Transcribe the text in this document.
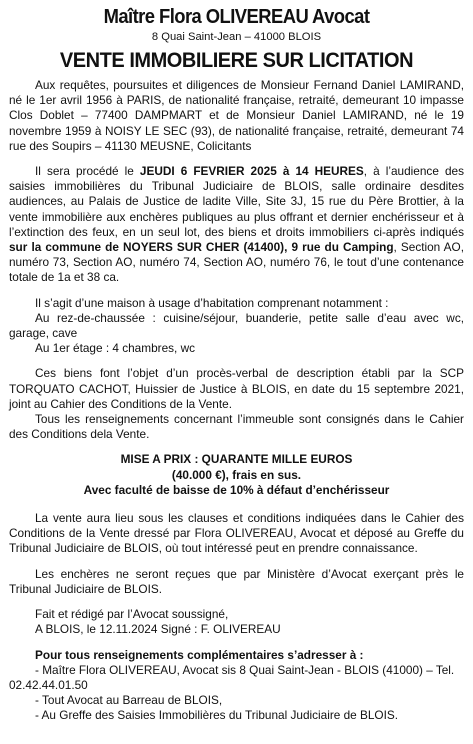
Maître Flora OLIVEREAU Avocat
8 Quai Saint-Jean – 41000 BLOIS
VENTE IMMOBILIERE SUR LICITATION

Aux requêtes, poursuites et diligences de Monsieur Fernand Daniel LAMIRAND, né le 1er avril 1956 à PARIS, de nationalité française, retraité, demeurant 10 impasse Clos Doblet – 77400 DAMPMART et de Monsieur Daniel LAMIRAND, né le 19 novembre 1959 à NOISY LE SEC (93), de nationalité française, retraité, demeurant 74 rue des Soupirs – 41130 MEUSNE, Colicitants

Il sera procédé le JEUDI 6 FEVRIER 2025 à 14 HEURES, à l’audience des saisies immobilières du Tribunal Judiciaire de BLOIS, salle ordinaire desdites audiences, au Palais de Justice de ladite Ville, Site 3J, 15 rue du Père Brottier, à la vente immobilière aux enchères publiques au plus offrant et dernier enchérisseur et à l’extinction des feux, en un seul lot, des biens et droits immobiliers ci-après indiqués sur la commune de NOYERS SUR CHER (41400), 9 rue du Camping, Section AO, numéro 73, Section AO, numéro 74, Section AO, numéro 76, le tout d’une contenance totale de 1a et 38 ca.

Il s’agit d’une maison à usage d’habitation comprenant notamment :

Au rez-de-chaussée : cuisine/séjour, buanderie, petite salle d’eau avec wc, garage, cave

Au 1er étage : 4 chambres, wc

Ces biens font l’objet d’un procès-verbal de description établi par la SCP TORQUATO CACHOT, Huissier de Justice à BLOIS, en date du 15 septembre 2021, joint au Cahier des Conditions de la Vente.

Tous les renseignements concernant l’immeuble sont consignés dans le Cahier des Conditions dela Vente.

MISE A PRIX : QUARANTE MILLE EUROS
(40.000 €), frais en sus.
Avec faculté de baisse de 10% à défaut d’enchérisseur

La vente aura lieu sous les clauses et conditions indiquées dans le Cahier des Conditions de la Vente dressé par Flora OLIVEREAU, Avocat et déposé au Greffe du Tribunal Judiciaire de BLOIS, où tout intéressé peut en prendre connaissance.

Les enchères ne seront reçues que par Ministère d’Avocat exerçant près le Tribunal Judiciaire de BLOIS.

Fait et rédigé par l’Avocat soussigné,

A BLOIS, le 12.11.2024 Signé : F. OLIVEREAU

Pour tous renseignements complémentaires s’adresser à :

- Maître Flora OLIVEREAU, Avocat sis 8 Quai Saint-Jean - BLOIS (41000) – Tel. 02.42.44.01.50

- Tout Avocat au Barreau de BLOIS,

- Au Greffe des Saisies Immobilières du Tribunal Judiciaire de BLOIS.
